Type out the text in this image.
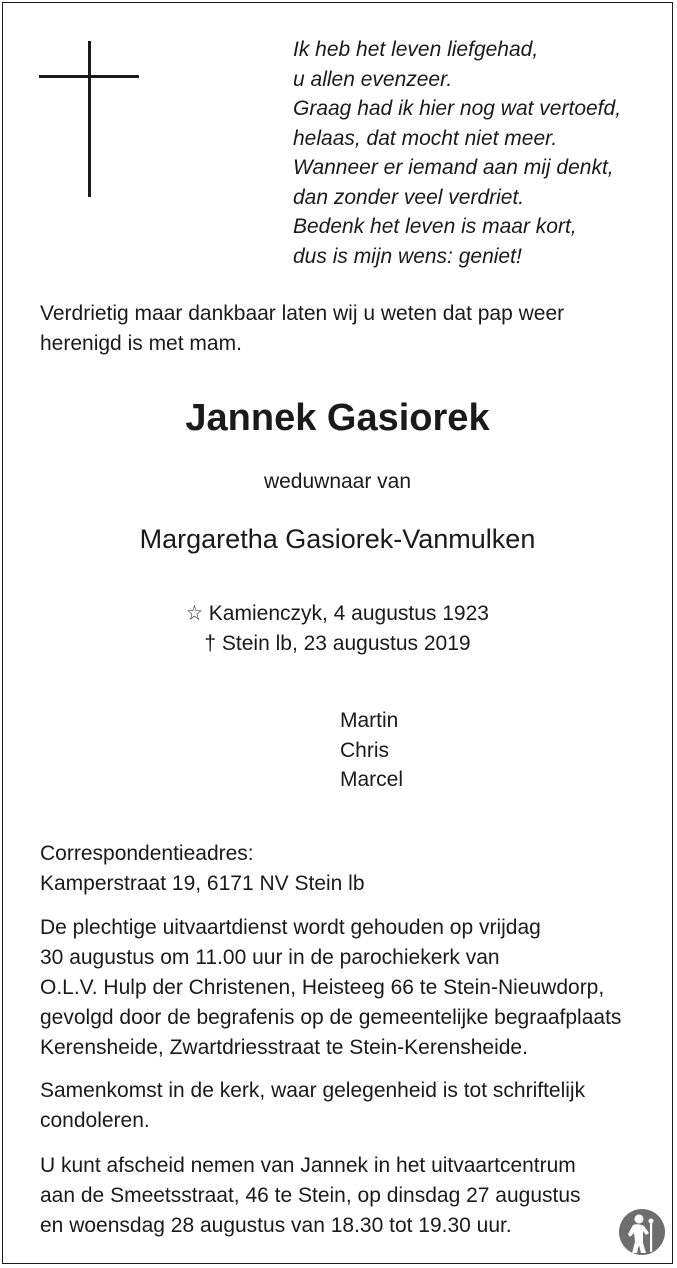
Ik heb het leven liefgehad,
u allen evenzeer.
Graag had ik hier nog wat vertoefd,
helaas, dat mocht niet meer.
Wanneer er iemand aan mij denkt,
dan zonder veel verdriet.
Bedenk het leven is maar kort,
dus is mijn wens: geniet!
Verdrietig maar dankbaar laten wij u weten dat pap weer
herenigd is met mam.
Jannek Gasiorek
weduwnaar van
Margaretha Gasiorek-Vanmulken
☆ Kamienczyk, 4 augustus 1923
† Stein lb, 23 augustus 2019
Martin
Chris
Marcel
Correspondentieadres:
Kamperstraat 19, 6171 NV Stein lb
De plechtige uitvaartdienst wordt gehouden op vrijdag
30 augustus om 11.00 uur in de parochiekerk van
O.L.V. Hulp der Christenen, Heisteeg 66 te Stein-Nieuwdorp,
gevolgd door de begrafenis op de gemeentelijke begraafplaats
Kerensheide, Zwartdriesstraat te Stein-Kerensheide.
Samenkomst in de kerk, waar gelegenheid is tot schriftelijk
condoleren.
U kunt afscheid nemen van Jannek in het uitvaartcentrum
aan de Smeetsstraat, 46 te Stein, op dinsdag 27 augustus
en woensdag 28 augustus van 18.30 tot 19.30 uur.
